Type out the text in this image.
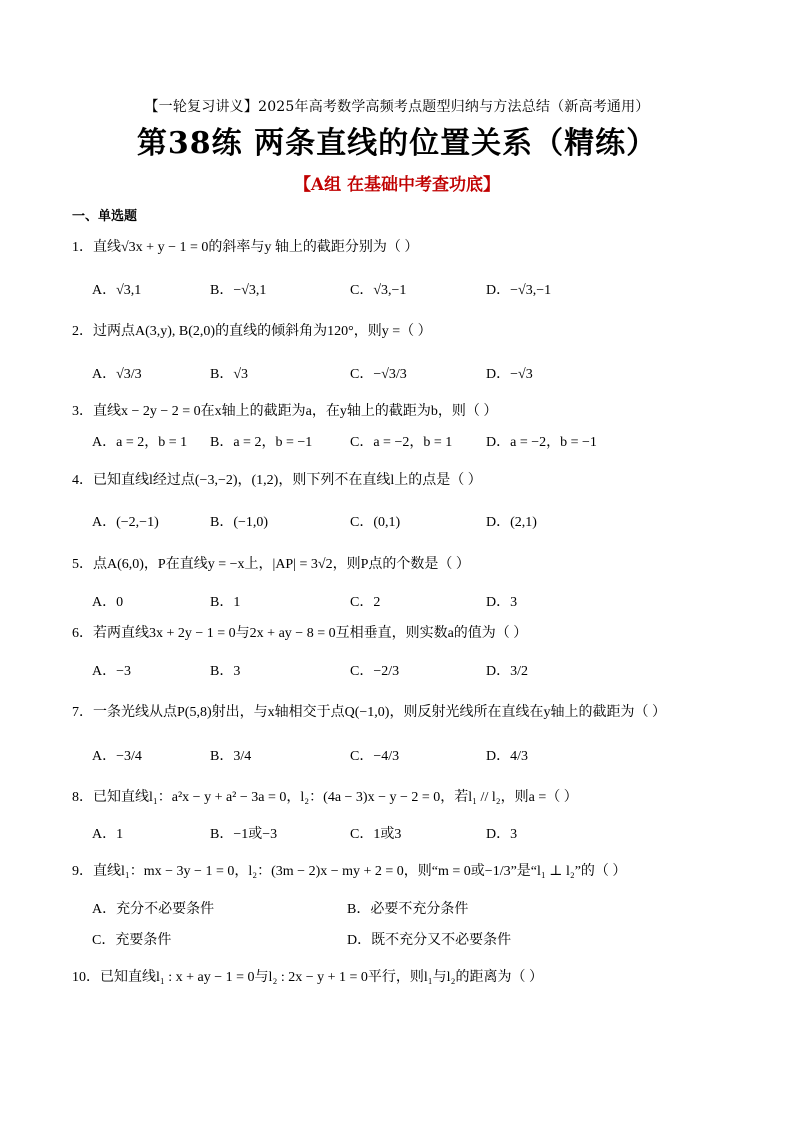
【一轮复习讲义】2025年高考数学高频考点题型归纳与方法总结（新高考通用）
第38练 两条直线的位置关系（精练）
【A组 在基础中考查功底】
一、单选题
1．直线√3x + y − 1 = 0的斜率与y 轴上的截距分别为（ ）
A．√3,1	B．−√3,1	C．√3,−1	D．−√3,−1
2．过两点A(3,y), B(2,0)的直线的倾斜角为120°，则y =（ ）
A．√3/3	B．√3	C．−√3/3	D．−√3
3．直线x − 2y − 2 = 0在x轴上的截距为a，在y轴上的截距为b，则（ ）
A．a = 2，b = 1 B．a = 2，b = −1	C．a = −2，b = 1 D．a = −2，b = −1
4．已知直线l经过点(−3,−2)，(1,2)，则下列不在直线l上的点是（ ）
A．(−2,−1)	B．(−1,0)	C．(0,1)	D．(2,1)
5．点A(6,0)，P在直线y = −x上，|AP| = 3√2，则P点的个数是（ ）
A．0	B．1	C．2	D．3
6．若两直线3x + 2y − 1 = 0与2x + ay − 8 = 0互相垂直，则实数a的值为（ ）
A．−3	B．3	C．−2/3	D．3/2
7．一条光线从点P(5,8)射出，与x轴相交于点Q(−1,0)，则反射光线所在直线在y轴上的截距为（ ）
A．−3/4	B．3/4	C．−4/3	D．4/3
8．已知直线l₁：a²x − y + a² − 3a = 0，l₂：(4a − 3)x − y − 2 = 0，若l₁ // l₂，则a =（ ）
A．1	B．−1或−3	C．1或3	D．3
9．直线l₁：mx − 3y − 1 = 0，l₂：(3m − 2)x − my + 2 = 0，则“m = 0或−1/3”是“l₁ ⊥ l₂”的（ ）
A．充分不必要条件	B．必要不充分条件
C．充要条件	D．既不充分又不必要条件
10．已知直线l₁ : x + ay − 1 = 0与l₂ : 2x − y + 1 = 0平行，则l₁与l₂的距离为（ ）
